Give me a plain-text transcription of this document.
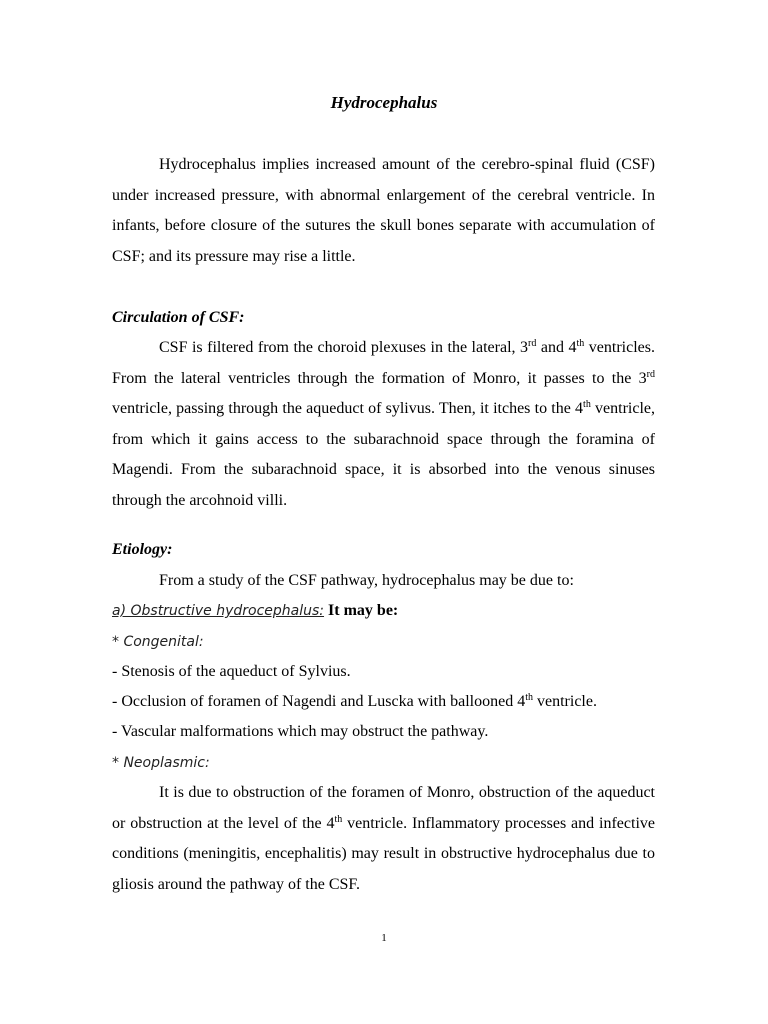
Hydrocephalus

Hydrocephalus implies increased amount of the cerebro-spinal fluid (CSF) under increased pressure, with abnormal enlargement of the cerebral ventricle. In infants, before closure of the sutures the skull bones separate with accumulation of CSF; and its pressure may rise a little.

Circulation of CSF:

CSF is filtered from the choroid plexuses in the lateral, 3rd and 4th ventricles. From the lateral ventricles through the formation of Monro, it passes to the 3rd ventricle, passing through the aqueduct of sylivus. Then, it itches to the 4th ventricle, from which it gains access to the subarachnoid space through the foramina of Magendi. From the subarachnoid space, it is absorbed into the venous sinuses through the arcohnoid villi.

Etiology:
From a study of the CSF pathway, hydrocephalus may be due to:
a) Obstructive hydrocephalus: It may be:
* Congenital:
- Stenosis of the aqueduct of Sylvius.
- Occlusion of foramen of Nagendi and Luscka with ballooned 4th ventricle.
- Vascular malformations which may obstruct the pathway.
* Neoplasmic:

It is due to obstruction of the foramen of Monro, obstruction of the aqueduct or obstruction at the level of the 4th ventricle. Inflammatory processes and infective conditions (meningitis, encephalitis) may result in obstructive hydrocephalus due to gliosis around the pathway of the CSF.

1
